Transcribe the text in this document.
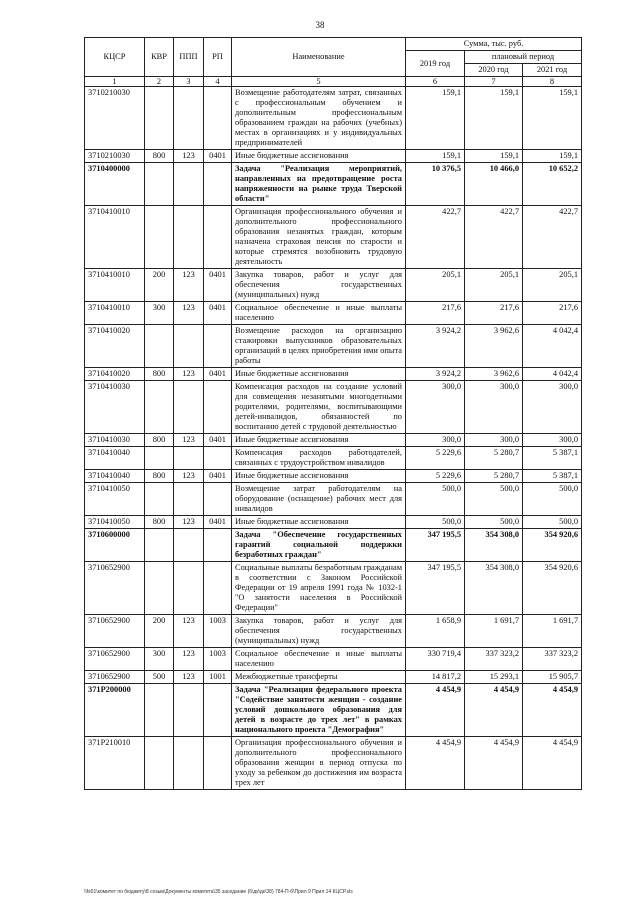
38
КЦСР	КВР	ППП	РП	Наименование	Сумма, тыс. руб.		
					2019 год	плановый период	
						2020 год	2021 год
1	2	3	4	5	6	7	8
3710210030				Возмещение работодателям затрат, связанных с профессиональным обучением и дополнительным профессиональным образованием граждан на рабочих (учебных) местах в организациях и у индивидуальных предпринимателей	159,1	159,1	159,1
3710210030	800	123	0401	Иные бюджетные ассигнования	159,1	159,1	159,1
3710400000				Задача "Реализация мероприятий, направленных на предотвращение роста напряженности на рынке труда Тверской области"	10 376,5	10 466,0	10 652,2
3710410010				Организация профессионального обучения и дополнительного профессионального образования незанятых граждан, которым назначена страховая пенсия по старости и которые стремятся возобновить трудовую деятельность	422,7	422,7	422,7
3710410010	200	123	0401	Закупка товаров, работ и услуг для обеспечения государственных (муниципальных) нужд	205,1	205,1	205,1
3710410010	300	123	0401	Социальное обеспечение и иные выплаты населению	217,6	217,6	217,6
3710410020				Возмещение расходов на организацию стажировки выпускников образовательных организаций в целях приобретения ими опыта работы	3 924,2	3 962,6	4 042,4
3710410020	800	123	0401	Иные бюджетные ассигнования	3 924,2	3 962,6	4 042,4
3710410030				Компенсация расходов на создание условий для совмещения незанятыми многодетными родителями, родителями, воспитывающими детей-инвалидов, обязанностей по воспитанию детей с трудовой деятельностью	300,0	300,0	300,0
3710410030	800	123	0401	Иные бюджетные ассигнования	300,0	300,0	300,0
3710410040				Компенсация расходов работодателей, связанных с трудоустройством инвалидов	5 229,6	5 280,7	5 387,1
3710410040	800	123	0401	Иные бюджетные ассигнования	5 229,6	5 280,7	5 387,1
3710410050				Возмещение затрат работодателям на оборудование (оснащение) рабочих мест для инвалидов	500,0	500,0	500,0
3710410050	800	123	0401	Иные бюджетные ассигнования	500,0	500,0	500,0
3710600000				Задача "Обеспечение государственных гарантий социальной поддержки безработных граждан"	347 195,5	354 308,0	354 920,6
3710652900				Социальные выплаты безработным гражданам в соответствии с Законом Российской Федерации от 19 апреля 1991 года № 1032-1 "О занятости населения в Российской Федерации"	347 195,5	354 308,0	354 920,6
3710652900	200	123	1003	Закупка товаров, работ и услуг для обеспечения государственных (муниципальных) нужд	1 658,9	1 691,7	1 691,7
3710652900	300	123	1003	Социальное обеспечение и иные выплаты населению	330 719,4	337 323,2	337 323,2
3710652900	500	123	1001	Межбюджетные трансферты	14 817,2	15 293,1	15 905,7
371P200000				Задача "Реализация федерального проекта "Содействие занятости женщин - создание условий дошкольного образования для детей в возрасте до трех лет" в рамках национального проекта "Демография"	4 454,9	4 454,9	4 454,9
371P210010				Организация профессионального обучения и дополнительного профессионального образования женщин в период отпуска по уходу за ребенком до достижения им возраста трех лет	4 454,9	4 454,9	4 454,9
\\fs01\комитет по бюджету\8 созыв\Документы комитета\35 заседание (6\дк\дк\38) 784-П-б\Прил 9 Прил 14 КЦСР.xls
